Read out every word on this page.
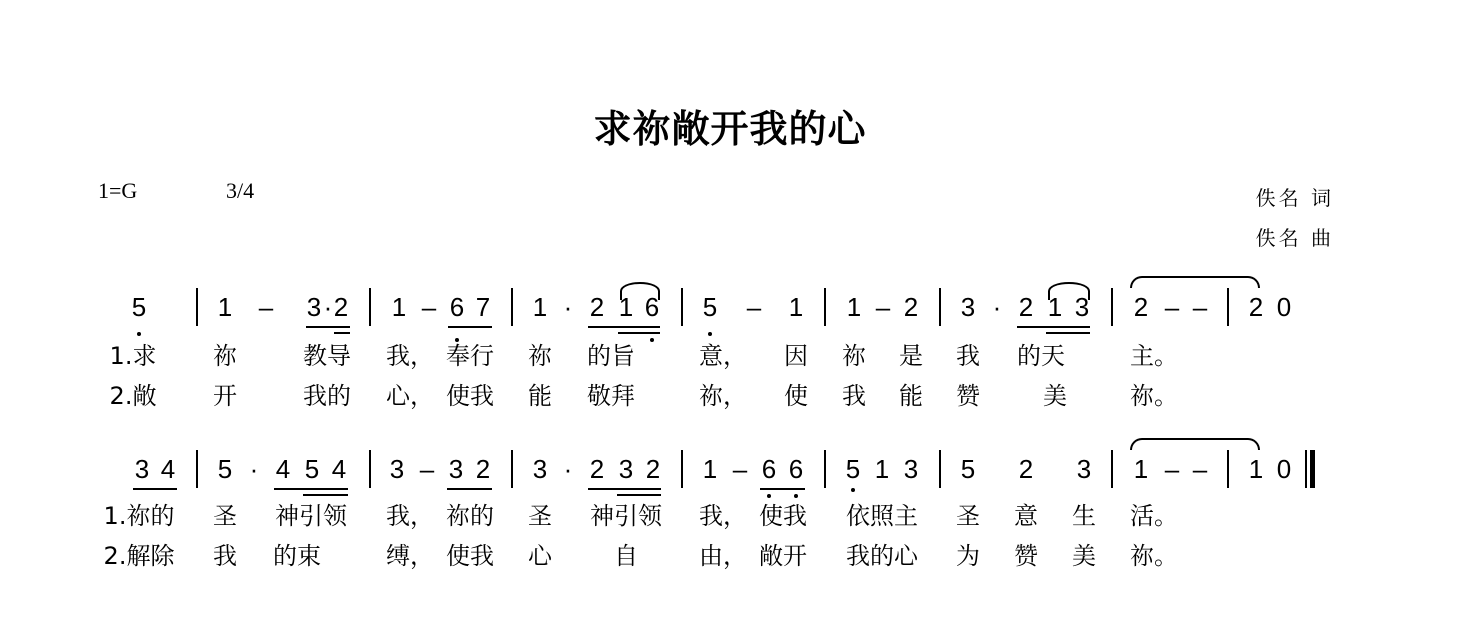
求祢敞开我的心
1=G	3/4	佚名 词
佚名 曲
5	1 – 3 · 2 1 – 6 7 1 · 2 1 6 5 – 1 1 – 2 3 · 2 1 3 2 – – 2 0
1.求 祢	教导 我， 奉行 祢 的旨	意， 因 祢 是 我 的天	主。
2.敞 开	我的 心， 使我 能 敬拜	祢， 使 我 能 赞	美	祢。
3 4 5 · 4 5 4 3 – 3 2 3 · 2 3 2 1 – 6 6 5 1 3 5 2 3 1 – – 1 0
1.祢的 圣 神引领 我， 祢的 圣 神引领 我， 使我 依照主 圣 意 生 活。
2.解除 我 的束	缚， 使我 心	自	由， 敞开 我的心 为 赞 美 祢。
